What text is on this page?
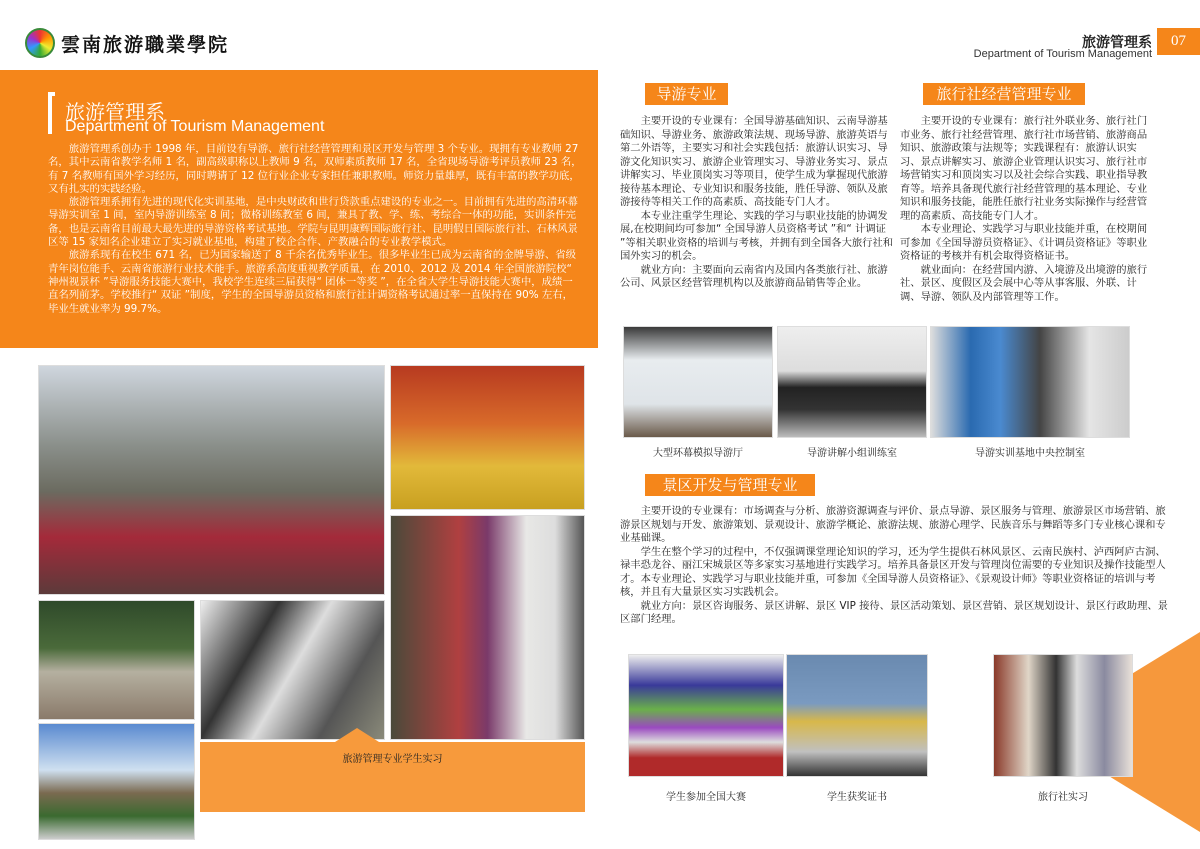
雲南旅游職業學院	旅游管理系
Department of Tourism Management
07
旅游管理系
Department of Tourism Management

旅游管理系创办于 1998 年，目前设有导游、旅行社经营管理和景区开发与管理 3 个专业。现拥有专业教师 27 名，其中云南省教学名师 1 名，副高级职称以上教师 9 名，双师素质教师 17 名，全省现场导游考评员教师 23 名，有 7 名教师有国外学习经历，同时聘请了 12 位行业企业专家担任兼职教师。师资力量雄厚，既有丰富的教学功底，又有扎实的实践经验。

旅游管理系拥有先进的现代化实训基地，是中央财政和世行贷款重点建设的专业之一。目前拥有先进的高清环幕导游实训室 1 间，室内导游训练室 8 间；微格训练教室 6 间，兼具了教、学、练、考综合一体的功能，实训条件完备，也是云南省目前最大最先进的导游资格考试基地。学院与昆明康辉国际旅行社、昆明假日国际旅行社、石林风景区等 15 家知名企业建立了实习就业基地，构建了校企合作、产教融合的专业教学模式。

旅游系现有在校生 671 名，已为国家输送了 8 千余名优秀毕业生。很多毕业生已成为云南省的金牌导游、省级青年岗位能手、云南省旅游行业技术能手。旅游系高度重视教学质量，在 2010、2012 及 2014 年全国旅游院校“ 神州视景杯 ”导游服务技能大赛中，我校学生连续三届获得“ 团体一等奖 ”，在全省大学生导游技能大赛中，成绩一直名列前茅。学校推行“ 双证 ”制度，学生的全国导游员资格和旅行社计调资格考试通过率一直保持在 90% 左右，毕业生就业率为 99.7%。

旅游管理专业学生实习
导游专业

主要开设的专业课有：全国导游基础知识、云南导游基础知识、导游业务、旅游政策法规、现场导游、旅游英语与第二外语等，主要实习和社会实践包括：旅游认识实习、导游文化知识实习、旅游企业管理实习、导游业务实习、景点讲解实习、毕业顶岗实习等项目，使学生成为掌握现代旅游接待基本理论、专业知识和服务技能，胜任导游、领队及旅游接待等相关工作的高素质、高技能专门人才。

本专业注重学生理论、实践的学习与职业技能的协调发展,在校期间均可参加“ 全国导游人员资格考试 ”和“ 计调证 ”等相关职业资格的培训与考核，并拥有到全国各大旅行社和国外实习的机会。

就业方向：主要面向云南省内及国内各类旅行社、旅游公司、风景区经营管理机构以及旅游商品销售等企业。

旅行社经营管理专业

主要开设的专业课有：旅行社外联业务、旅行社门市业务、旅行社经营管理、旅行社市场营销、旅游商品知识、旅游政策与法规等；实践课程有：旅游认识实习、景点讲解实习、旅游企业管理认识实习、旅行社市场营销实习和顶岗实习以及社会综合实践、职业指导教育等。培养具备现代旅行社经营管理的基本理论、专业知识和服务技能，能胜任旅行社业务实际操作与经营管理的高素质、高技能专门人才。

本专业理论、实践学习与职业技能并重，在校期间可参加《全国导游员资格证》、《计调员资格证》等职业资格证的考核并有机会取得资格证书。

就业面向：在经营国内游、入境游及出境游的旅行社、景区、度假区及会展中心等从事客服、外联、计调、导游、领队及内部管理等工作。

大型环幕模拟导游厅	导游讲解小组训练室	导游实训基地中央控制室
景区开发与管理专业

主要开设的专业课有：市场调查与分析、旅游资源调查与评价、景点导游、景区服务与管理、旅游景区市场营销、旅游景区规划与开发、旅游策划、景观设计、旅游学概论、旅游法规、旅游心理学、民族音乐与舞蹈等多门专业核心课和专业基础课。

学生在整个学习的过程中，不仅强调课堂理论知识的学习，还为学生提供石林风景区、云南民族村、泸西阿庐古洞、禄丰恐龙谷、丽江宋城景区等多家实习基地进行实践学习。培养具备景区开发与管理岗位需要的专业知识及操作技能型人才。本专业理论、实践学习与职业技能并重，可参加《全国导游人员资格证》、《景观设计师》等职业资格证的培训与考核，并且有大量景区实习实践机会。

就业方向：景区咨询服务、景区讲解、景区 VIP 接待、景区活动策划、景区营销、景区规划设计、景区行政助理、景区部门经理。

学生参加全国大赛	学生获奖证书	旅行社实习
